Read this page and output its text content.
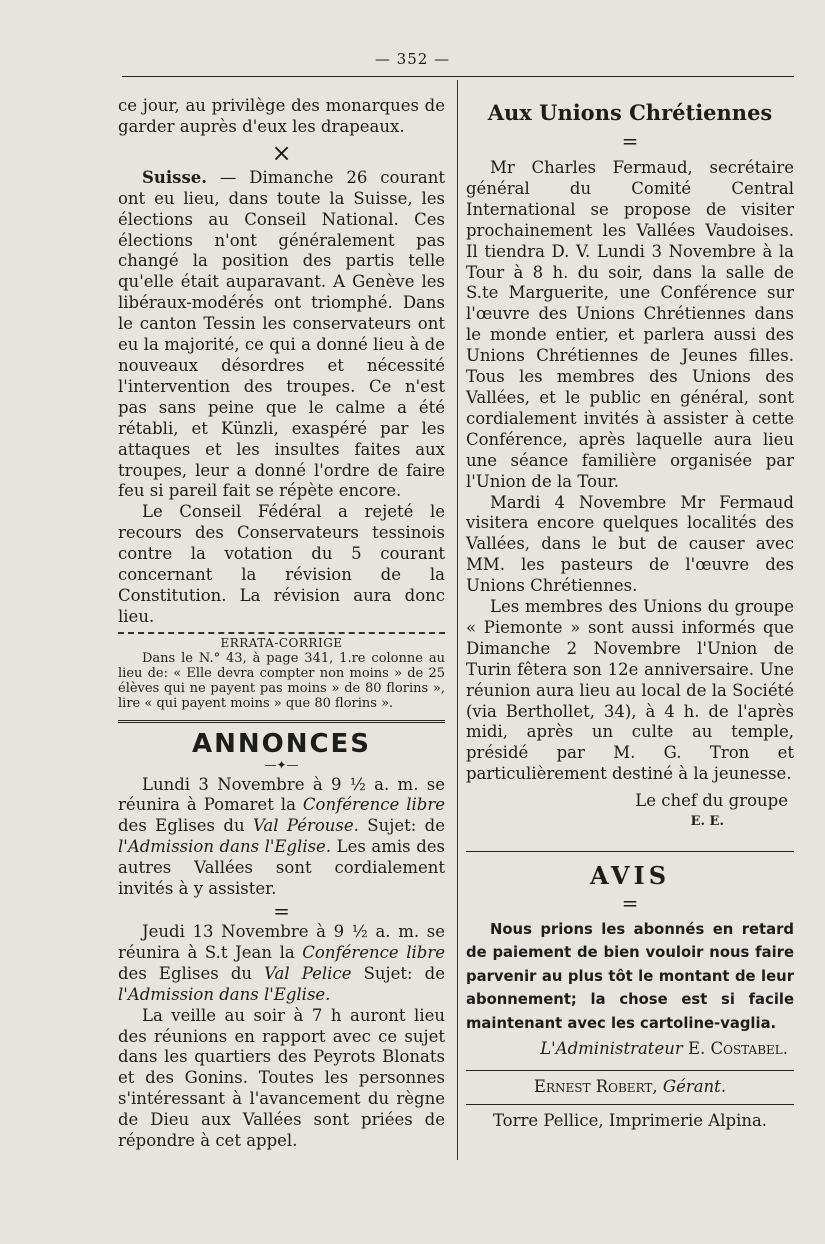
— 352 —

ce jour, au privilège des monarques de garder auprès d'eux les drapeaux.

×

Suisse. — Dimanche 26 courant ont eu lieu, dans toute la Suisse, les élections au Conseil National. Ces élections n'ont généralement pas changé la position des partis telle qu'elle était auparavant. A Genève les libéraux-modérés ont triomphé. Dans le canton Tessin les conservateurs ont eu la majorité, ce qui a donné lieu à de nouveaux désordres et nécessité l'intervention des troupes. Ce n'est pas sans peine que le calme a été rétabli, et Künzli, exaspéré par les attaques et les insultes faites aux troupes, leur a donné l'ordre de faire feu si pareil fait se répète encore.

Le Conseil Fédéral a rejeté le recours des Conservateurs tessinois contre la votation du 5 courant concernant la révision de la Constitution. La révision aura donc lieu.

ERRATA-CORRIGE

Dans le N.° 43, à page 341, 1.re colonne au lieu de: « Elle devra compter non moins » de 25 élèves qui ne payent pas moins » de 80 florins », lire « qui payent moins » que 80 florins ».

ANNONCES
—✦—

Lundi 3 Novembre à 9 ½ a. m. se réunira à Pomaret la Conférence libre des Eglises du Val Pérouse. Sujet: de l'Admission dans l'Eglise. Les amis des autres Vallées sont cordialement invités à y assister.

=

Jeudi 13 Novembre à 9 ½ a. m. se réunira à S.t Jean la Conférence libre des Eglises du Val Pelice Sujet: de l'Admission dans l'Eglise.

La veille au soir à 7 h auront lieu des réunions en rapport avec ce sujet dans les quartiers des Peyrots Blonats et des Gonins. Toutes les personnes s'intéressant à l'avancement du règne de Dieu aux Vallées sont priées de répondre à cet appel.

Aux Unions Chrétiennes
=

Mr Charles Fermaud, secrétaire général du Comité Central International se propose de visiter prochainement les Vallées Vaudoises. Il tiendra D. V. Lundi 3 Novembre à la Tour à 8 h. du soir, dans la salle de S.te Marguerite, une Conférence sur l'œuvre des Unions Chrétiennes dans le monde entier, et parlera aussi des Unions Chrétiennes de Jeunes filles. Tous les membres des Unions des Vallées, et le public en général, sont cordialement invités à assister à cette Conférence, après laquelle aura lieu une séance familière organisée par l'Union de la Tour.

Mardi 4 Novembre Mr Fermaud visitera encore quelques localités des Vallées, dans le but de causer avec MM. les pasteurs de l'œuvre des Unions Chrétiennes.

Les membres des Unions du groupe « Piemonte » sont aussi informés que Dimanche 2 Novembre l'Union de Turin fêtera son 12e anniversaire. Une réunion aura lieu au local de la Société (via Berthollet, 34), à 4 h. de l'après midi, après un culte au temple, présidé par M. G. Tron et particulièrement destiné à la jeunesse.

Le chef du groupe

E. E.

AVIS
=

Nous prions les abonnés en retard de paiement de bien vouloir nous faire parvenir au plus tôt le montant de leur abonnement; la chose est si facile maintenant avec les cartoline-vaglia.

L'Administrateur E. Costabel.

Ernest Robert, Gérant.

Torre Pellice, Imprimerie Alpina.
